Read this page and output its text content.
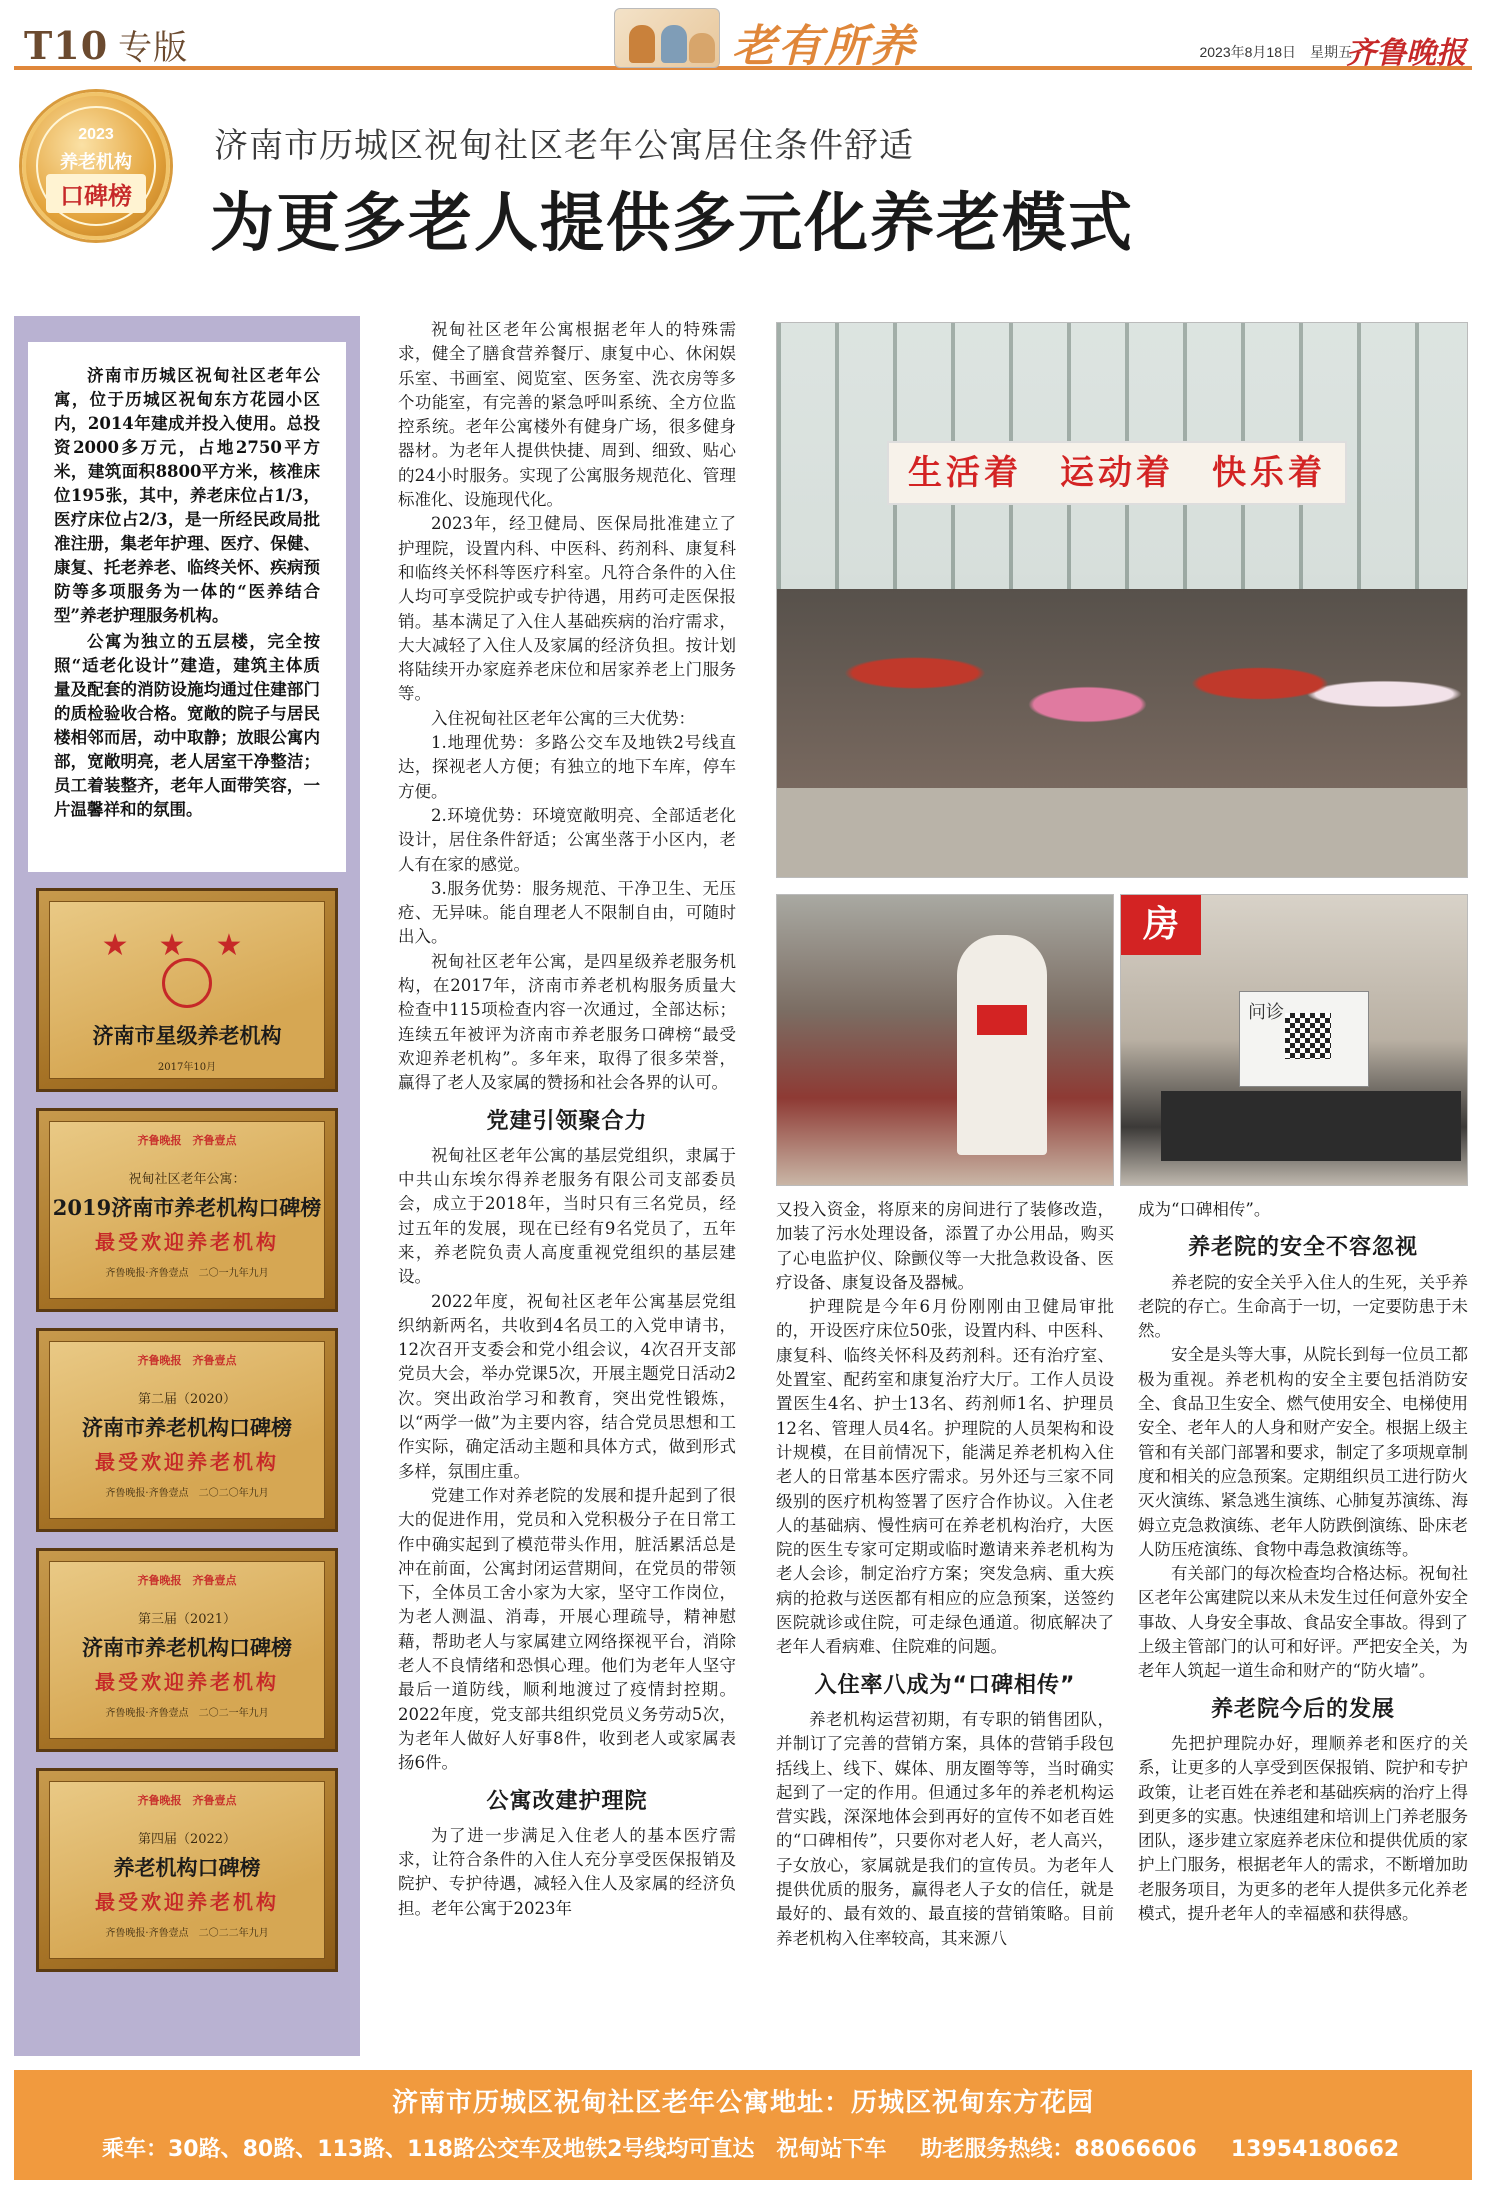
T10 专版	老有所养	2023年8月18日　星期五
齐鲁晚报
2023
养老机构
口碑榜
济南市历城区祝甸社区老年公寓居住条件舒适
为更多老人提供多元化养老模式

济南市历城区祝甸社区老年公寓，位于历城区祝甸东方花园小区内，2014年建成并投入使用。总投资2000多万元，占地2750平方米，建筑面积8800平方米，核准床位195张，其中，养老床位占1/3，医疗床位占2/3，是一所经民政局批准注册，集老年护理、医疗、保健、康复、托老养老、临终关怀、疾病预防等多项服务为一体的“医养结合型”养老护理服务机构。

公寓为独立的五层楼，完全按照“适老化设计”建造，建筑主体质量及配套的消防设施均通过住建部门的质检验收合格。宽敞的院子与居民楼相邻而居，动中取静；放眼公寓内部，宽敞明亮，老人居室干净整洁；员工着装整齐，老年人面带笑容，一片温馨祥和的氛围。

★★★
济南市星级养老机构
2017年10月
齐鲁晚报　齐鲁壹点
祝甸社区老年公寓：
2019济南市养老机构口碑榜
最受欢迎养老机构
齐鲁晚报·齐鲁壹点　二〇一九年九月
齐鲁晚报　齐鲁壹点
第二届（2020）
济南市养老机构口碑榜
最受欢迎养老机构
齐鲁晚报·齐鲁壹点　二〇二〇年九月
齐鲁晚报　齐鲁壹点
第三届（2021）
济南市养老机构口碑榜
最受欢迎养老机构
齐鲁晚报·齐鲁壹点　二〇二一年九月
齐鲁晚报　齐鲁壹点
第四届（2022）
养老机构口碑榜
最受欢迎养老机构
齐鲁晚报·齐鲁壹点　二〇二二年九月

祝甸社区老年公寓根据老年人的特殊需求，健全了膳食营养餐厅、康复中心、休闲娱乐室、书画室、阅览室、医务室、洗衣房等多个功能室，有完善的紧急呼叫系统、全方位监控系统。老年公寓楼外有健身广场，很多健身器材。为老年人提供快捷、周到、细致、贴心的24小时服务。实现了公寓服务规范化、管理标准化、设施现代化。

2023年，经卫健局、医保局批准建立了护理院，设置内科、中医科、药剂科、康复科和临终关怀科等医疗科室。凡符合条件的入住人均可享受院护或专护待遇，用药可走医保报销。基本满足了入住人基础疾病的治疗需求，大大减轻了入住人及家属的经济负担。按计划将陆续开办家庭养老床位和居家养老上门服务等。

入住祝甸社区老年公寓的三大优势：

1.地理优势：多路公交车及地铁2号线直达，探视老人方便；有独立的地下车库，停车方便。

2.环境优势：环境宽敞明亮、全部适老化设计，居住条件舒适；公寓坐落于小区内，老人有在家的感觉。

3.服务优势：服务规范、干净卫生、无压疮、无异味。能自理老人不限制自由，可随时出入。

祝甸社区老年公寓，是四星级养老服务机构，在2017年，济南市养老机构服务质量大检查中115项检查内容一次通过，全部达标；连续五年被评为济南市养老服务口碑榜“最受欢迎养老机构”。多年来，取得了很多荣誉，赢得了老人及家属的赞扬和社会各界的认可。

党建引领聚合力

祝甸社区老年公寓的基层党组织，隶属于中共山东埃尔得养老服务有限公司支部委员会，成立于2018年，当时只有三名党员，经过五年的发展，现在已经有9名党员了，五年来，养老院负责人高度重视党组织的基层建设。

2022年度，祝甸社区老年公寓基层党组织纳新两名，共收到4名员工的入党申请书，12次召开支委会和党小组会议，4次召开支部党员大会，举办党课5次，开展主题党日活动2次。突出政治学习和教育，突出党性锻炼，以“两学一做”为主要内容，结合党员思想和工作实际，确定活动主题和具体方式，做到形式多样，氛围庄重。

党建工作对养老院的发展和提升起到了很大的促进作用，党员和入党积极分子在日常工作中确实起到了模范带头作用，脏活累活总是冲在前面，公寓封闭运营期间，在党员的带领下，全体员工舍小家为大家，坚守工作岗位，为老人测温、消毒，开展心理疏导，精神慰藉，帮助老人与家属建立网络探视平台，消除老人不良情绪和恐惧心理。他们为老年人坚守最后一道防线，顺利地渡过了疫情封控期。2022年度，党支部共组织党员义务劳动5次，为老年人做好人好事8件，收到老人或家属表扬6件。

公寓改建护理院

为了进一步满足入住老人的基本医疗需求，让符合条件的入住人充分享受医保报销及院护、专护待遇，减轻入住人及家属的经济负担。老年公寓于2023年

生活着　运动着　快乐着
房
问诊

又投入资金，将原来的房间进行了装修改造，加装了污水处理设备，添置了办公用品，购买了心电监护仪、除颤仪等一大批急救设备、医疗设备、康复设备及器械。

护理院是今年6月份刚刚由卫健局审批的，开设医疗床位50张，设置内科、中医科、康复科、临终关怀科及药剂科。还有治疗室、处置室、配药室和康复治疗大厅。工作人员设置医生4名、护士13名、药剂师1名、护理员12名、管理人员4名。护理院的人员架构和设计规模，在目前情况下，能满足养老机构入住老人的日常基本医疗需求。另外还与三家不同级别的医疗机构签署了医疗合作协议。入住老人的基础病、慢性病可在养老机构治疗，大医院的医生专家可定期或临时邀请来养老机构为老人会诊，制定治疗方案；突发急病、重大疾病的抢救与送医都有相应的应急预案，送签约医院就诊或住院，可走绿色通道。彻底解决了老年人看病难、住院难的问题。

入住率八成为“口碑相传”

养老机构运营初期，有专职的销售团队，并制订了完善的营销方案，具体的营销手段包括线上、线下、媒体、朋友圈等等，当时确实起到了一定的作用。但通过多年的养老机构运营实践，深深地体会到再好的宣传不如老百姓的“口碑相传”，只要你对老人好，老人高兴，子女放心，家属就是我们的宣传员。为老年人提供优质的服务，赢得老人子女的信任，就是最好的、最有效的、最直接的营销策略。目前养老机构入住率较高，其来源八

成为“口碑相传”。

养老院的安全不容忽视

养老院的安全关乎入住人的生死，关乎养老院的存亡。生命高于一切，一定要防患于未然。

安全是头等大事，从院长到每一位员工都极为重视。养老机构的安全主要包括消防安全、食品卫生安全、燃气使用安全、电梯使用安全、老年人的人身和财产安全。根据上级主管和有关部门部署和要求，制定了多项规章制度和相关的应急预案。定期组织员工进行防火灭火演练、紧急逃生演练、心肺复苏演练、海姆立克急救演练、老年人防跌倒演练、卧床老人防压疮演练、食物中毒急救演练等。

有关部门的每次检查均合格达标。祝甸社区老年公寓建院以来从未发生过任何意外安全事故、人身安全事故、食品安全事故。得到了上级主管部门的认可和好评。严把安全关，为老年人筑起一道生命和财产的“防火墙”。

养老院今后的发展

先把护理院办好，理顺养老和医疗的关系，让更多的人享受到医保报销、院护和专护政策，让老百姓在养老和基础疾病的治疗上得到更多的实惠。快速组建和培训上门养老服务团队，逐步建立家庭养老床位和提供优质的家护上门服务，根据老年人的需求，不断增加助老服务项目，为更多的老年人提供多元化养老模式，提升老年人的幸福感和获得感。

济南市历城区祝甸社区老年公寓地址：历城区祝甸东方花园
乘车：30路、80路、113路、118路公交车及地铁2号线均可直达　祝甸站下车 助老服务热线：88066606 13954180662
